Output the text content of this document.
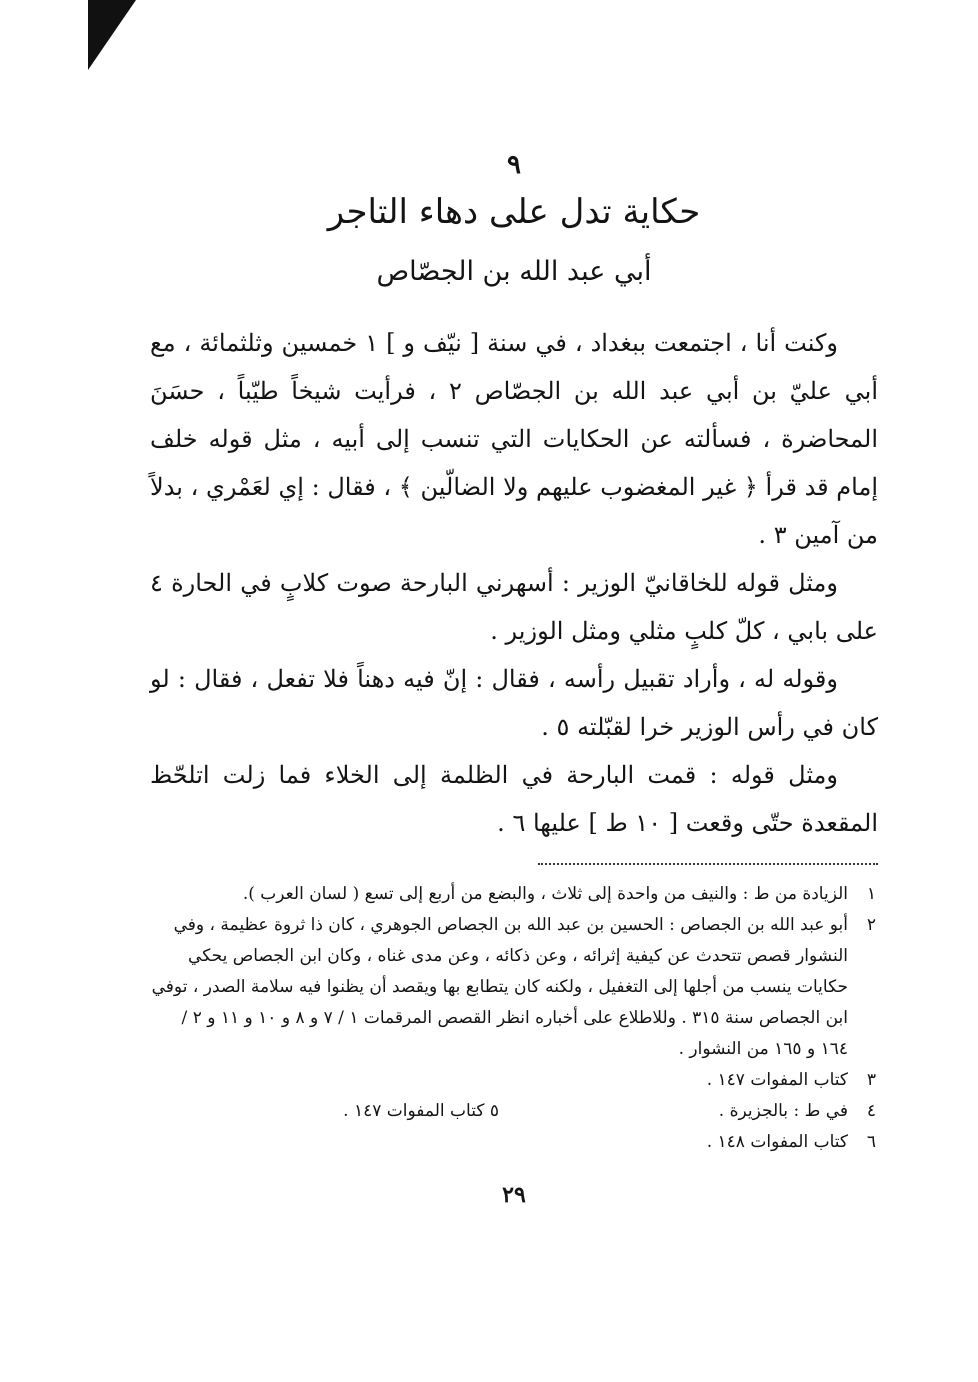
٩
حكاية تدل على دهاء التاجر
أبي عبد الله بن الجصّاص

وكنت أنا ، اجتمعت ببغداد ، في سنة [ نيّف و ] ١ خمسين وثلثمائة ، مع أبي عليّ بن أبي عبد الله بن الجصّاص ٢ ، فرأيت شيخاً طيّباً ، حسَنَ المحاضرة ، فسألته عن الحكايات التي تنسب إلى أبيه ، مثل قوله خلف إمام قد قرأ ﴿ غير المغضوب عليهم ولا الضالّين ﴾ ، فقال : إي لعَمْري ، بدلاً من آمين ٣ .

ومثل قوله للخاقانيّ الوزير : أسهرني البارحة صوت كلابٍ في الحارة ٤ على بابي ، كلّ كلبٍ مثلي ومثل الوزير .

وقوله له ، وأراد تقبيل رأسه ، فقال : إنّ فيه دهناً فلا تفعل ، فقال : لو كان في رأس الوزير خرا لقبّلته ٥ .

ومثل قوله : قمت البارحة في الظلمة إلى الخلاء فما زلت اتلحّظ المقعدة حتّى وقعت [ ١٠ ط ] عليها ٦ .

١
الزيادة من ط : والنيف من واحدة إلى ثلاث ، والبضع من أربع إلى تسع ( لسان العرب ).

٢
أبو عبد الله بن الجصاص : الحسين بن عبد الله بن الجصاص الجوهري ، كان ذا ثروة عظيمة ، وفي النشوار قصص تتحدث عن كيفية إثرائه ، وعن ذكائه ، وعن مدى غناه ، وكان ابن الجصاص يحكي حكايات ينسب من أجلها إلى التغفيل ، ولكنه كان يتطابع بها ويقصد أن يظنوا فيه سلامة الصدر ، توفي ابن الجصاص سنة ٣١٥ . وللاطلاع على أخباره انظر القصص المرقمات ١ / ٧ و ٨ و ١٠ و ١١ و ٢ / ١٦٤ و ١٦٥ من النشوار .

٣
كتاب المفوات ١٤٧ .

٤
في ط : بالجزيرة .

٥ كتاب المفوات ١٤٧ .

٦
كتاب المفوات ١٤٨ .

٢٩
